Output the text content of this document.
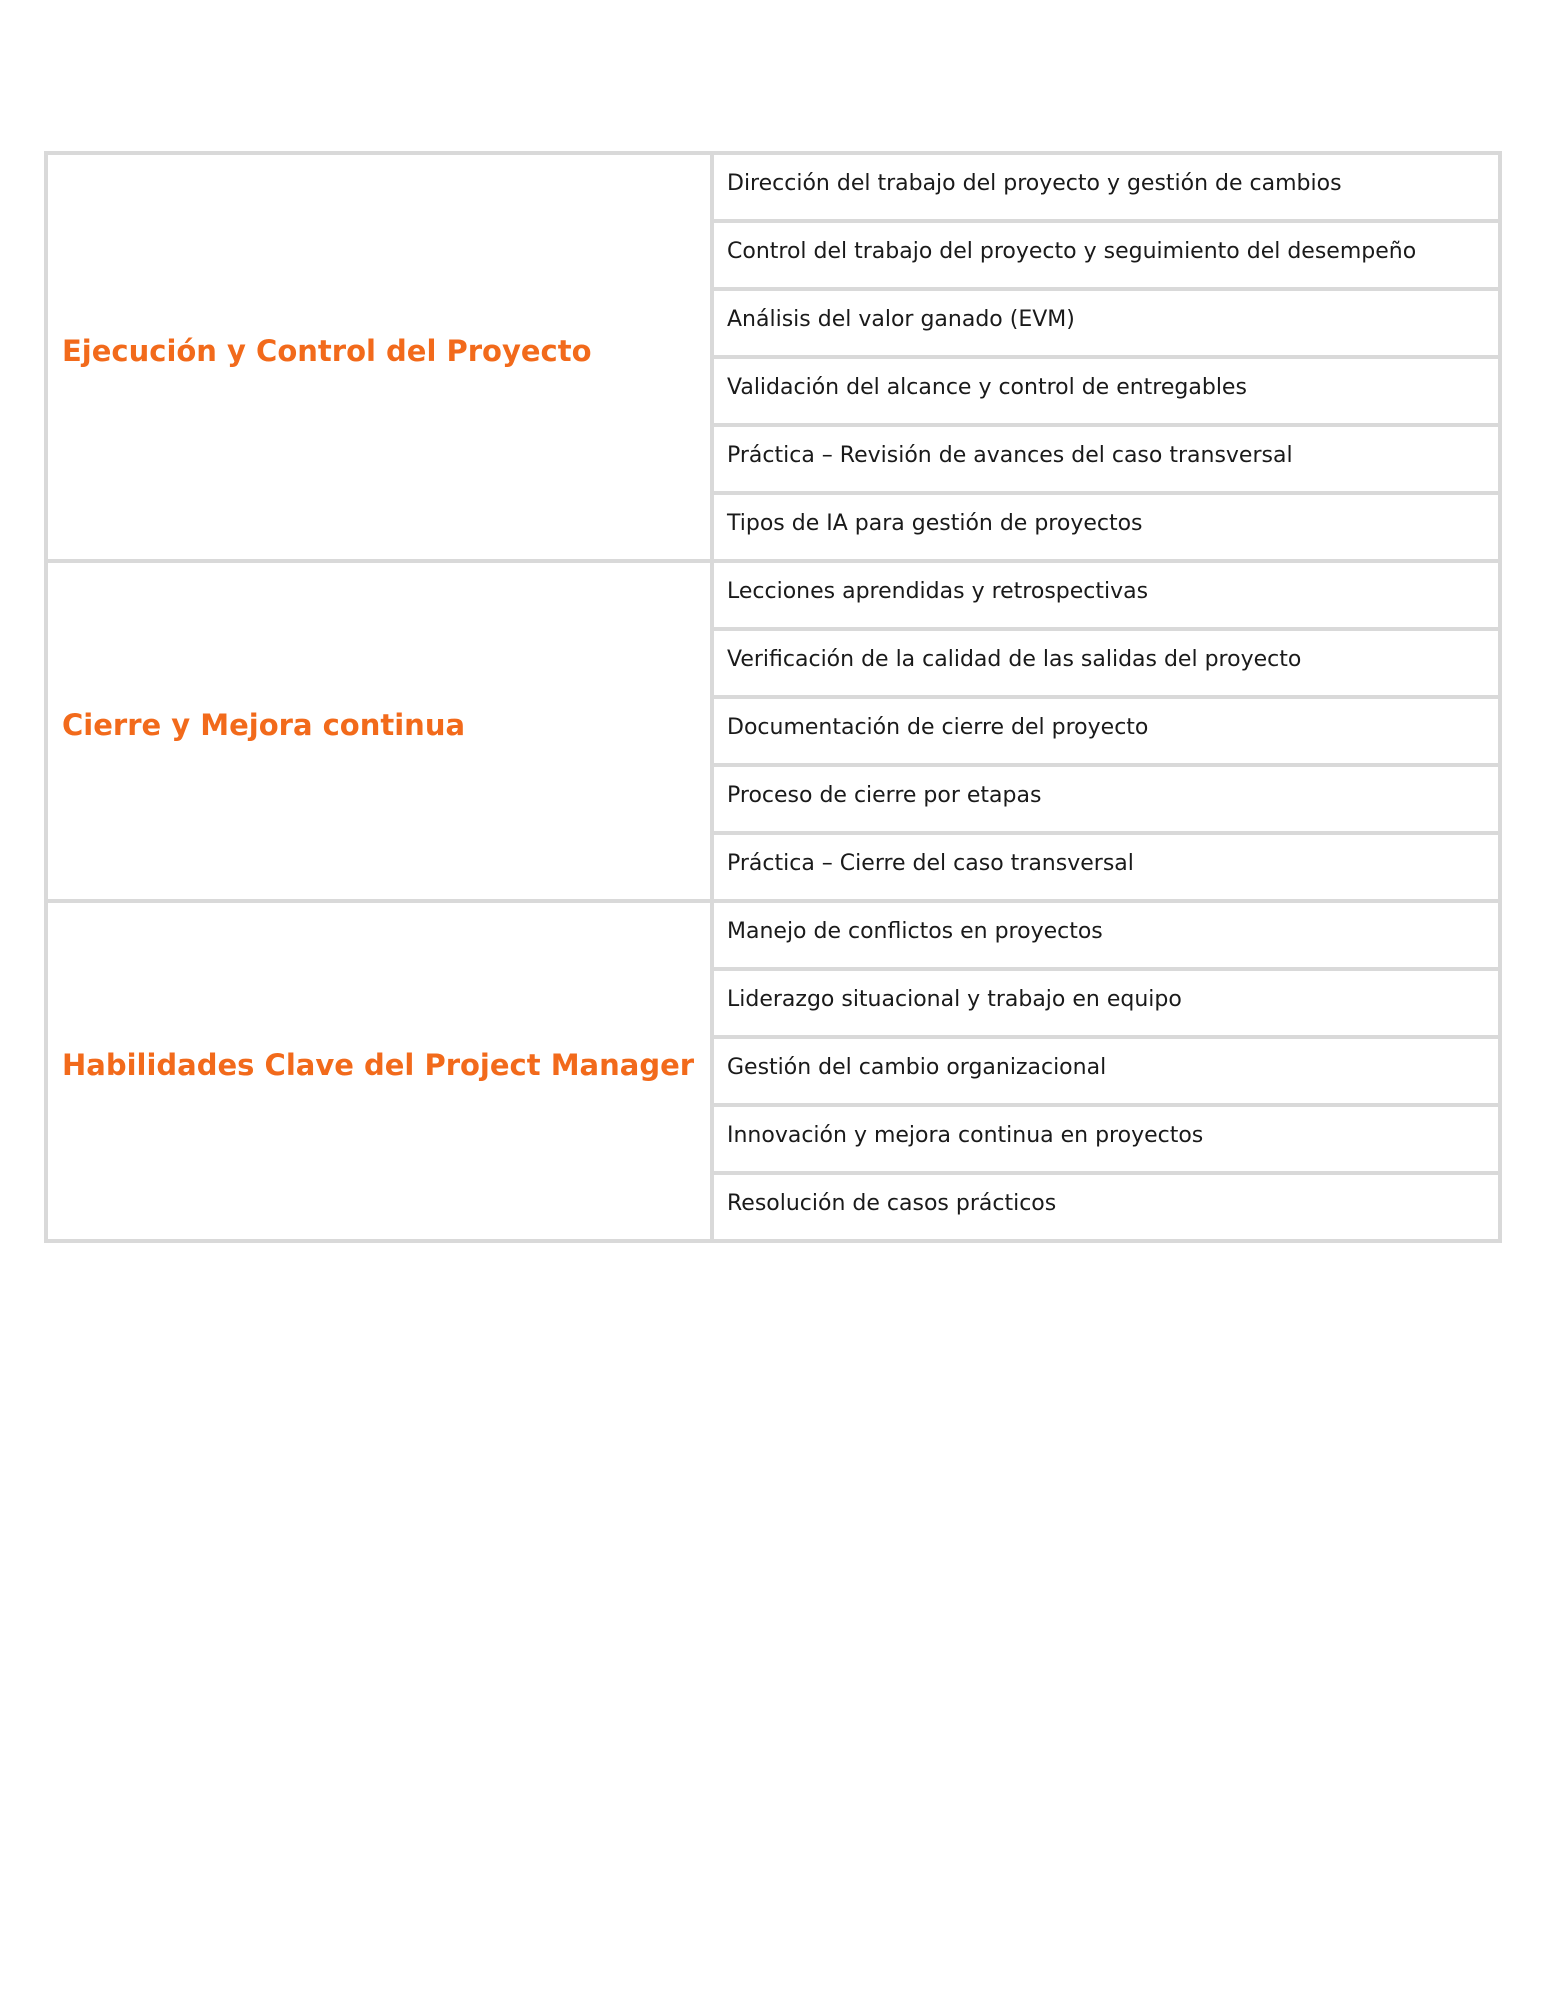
Ejecución y Control del Proyecto	Dirección del trabajo del proyecto y gestión de cambios

	Control del trabajo del proyecto y seguimiento del desempeño

	Análisis del valor ganado (EVM)

	Validación del alcance y control de entregables

	Práctica – Revisión de avances del caso transversal

	Tipos de IA para gestión de proyectos

Cierre y Mejora continua	Lecciones aprendidas y retrospectivas

	Verificación de la calidad de las salidas del proyecto

	Documentación de cierre del proyecto

	Proceso de cierre por etapas

	Práctica – Cierre del caso transversal

Habilidades Clave del Project Manager	Manejo de conflictos en proyectos

	Liderazgo situacional y trabajo en equipo

	Gestión del cambio organizacional

	Innovación y mejora continua en proyectos

	Resolución de casos prácticos
